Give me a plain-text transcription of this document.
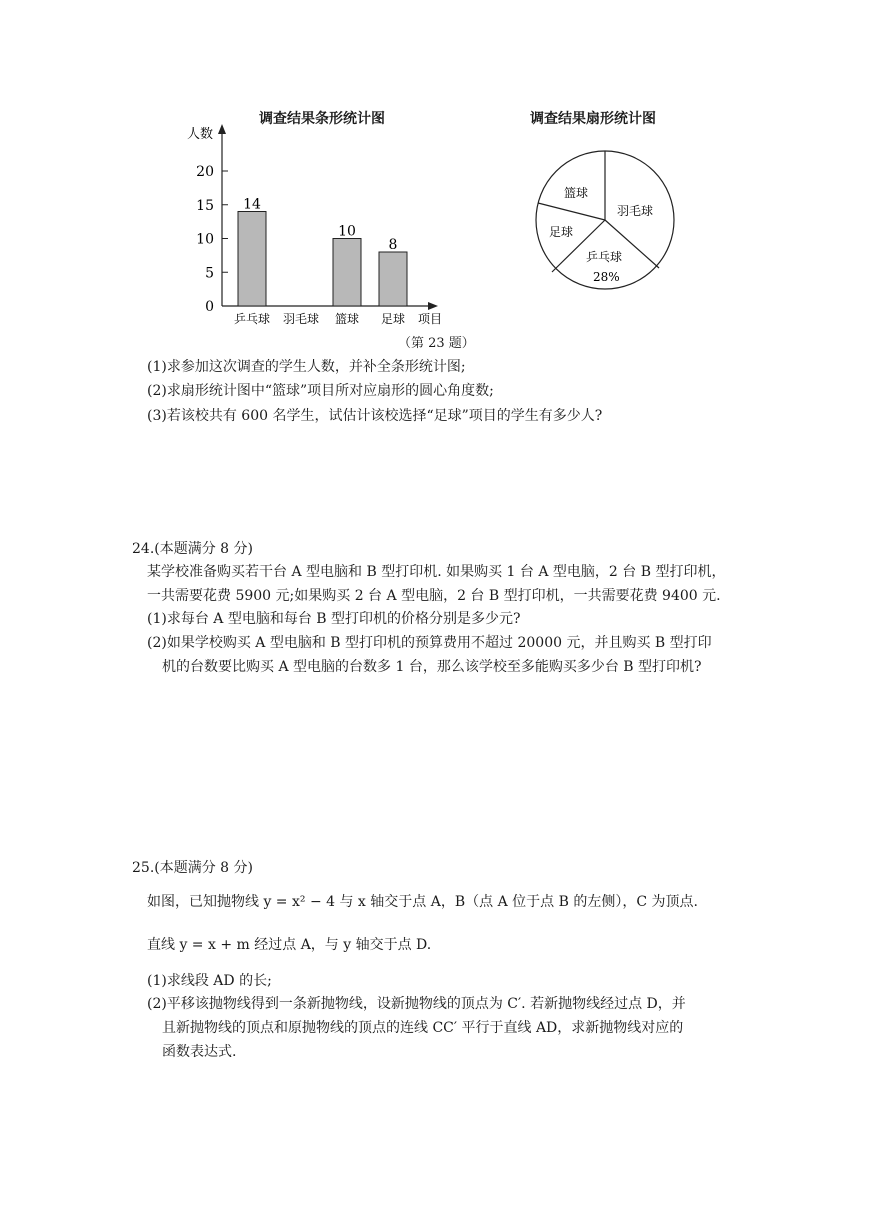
调查结果条形统计图
人数
项目
0
5
10
15
20
14
乒乓球 羽毛球
10
篮球
8
足球
调查结果扇形统计图
篮球
羽毛球
乒乓球
28%
足球
（第 23 题）
(1)求参加这次调查的学生人数，并补全条形统计图;
(2)求扇形统计图中“篮球”项目所对应扇形的圆心角度数;
(3)若该校共有 600 名学生，试估计该校选择“足球”项目的学生有多少人?
24.(本题满分 8 分)
某学校准备购买若干台 A 型电脑和 B 型打印机. 如果购买 1 台 A 型电脑，2 台 B 型打印机，
一共需要花费 5900 元;如果购买 2 台 A 型电脑，2 台 B 型打印机，一共需要花费 9400 元.
(1)求每台 A 型电脑和每台 B 型打印机的价格分别是多少元?
(2)如果学校购买 A 型电脑和 B 型打印机的预算费用不超过 20000 元，并且购买 B 型打印
机的台数要比购买 A 型电脑的台数多 1 台，那么该学校至多能购买多少台 B 型打印机?
25.(本题满分 8 分)
如图，已知抛物线 y = x² − 4 与 x 轴交于点 A，B（点 A 位于点 B 的左侧），C 为顶点.
直线 y = x + m 经过点 A，与 y 轴交于点 D.
(1)求线段 AD 的长;
(2)平移该抛物线得到一条新抛物线，设新抛物线的顶点为 C′. 若新抛物线经过点 D，并
且新抛物线的顶点和原抛物线的顶点的连线 CC′ 平行于直线 AD，求新抛物线对应的
函数表达式.
